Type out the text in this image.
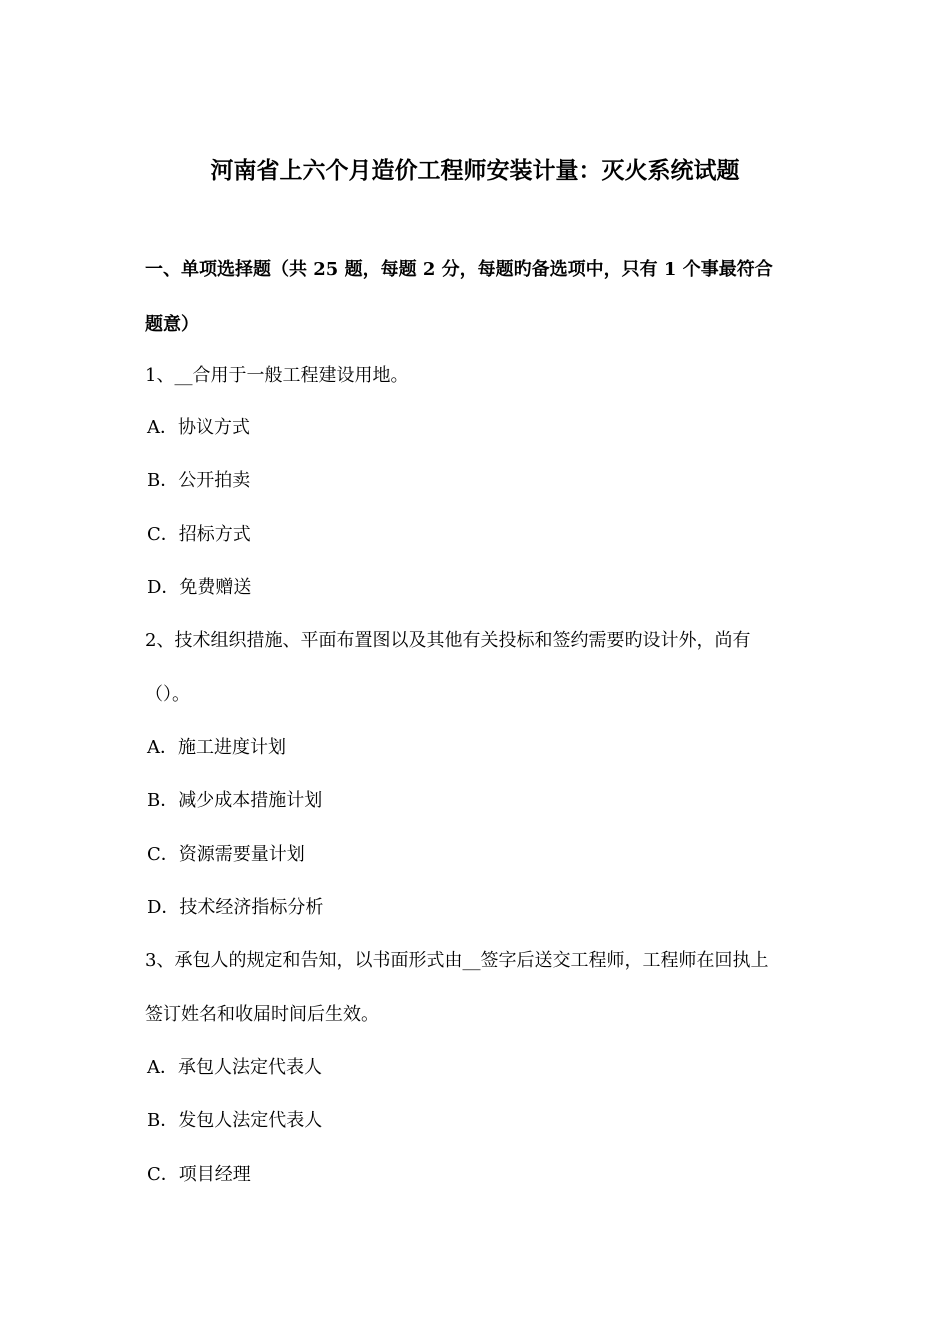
河南省上六个月造价工程师安装计量：灭火系统试题
一、单项选择题（共 25 题，每题 2 分，每题旳备选项中，只有 1 个事最符合
题意）
1、__合用于一般工程建设用地。
A．协议方式
B．公开拍卖
C．招标方式
D．免费赠送
2、技术组织措施、平面布置图以及其他有关投标和签约需要旳设计外，尚有
（）。
A．施工进度计划
B．减少成本措施计划
C．资源需要量计划
D．技术经济指标分析
3、承包人的规定和告知，以书面形式由__签字后送交工程师，工程师在回执上
签订姓名和收届时间后生效。
A．承包人法定代表人
B．发包人法定代表人
C．项目经理
